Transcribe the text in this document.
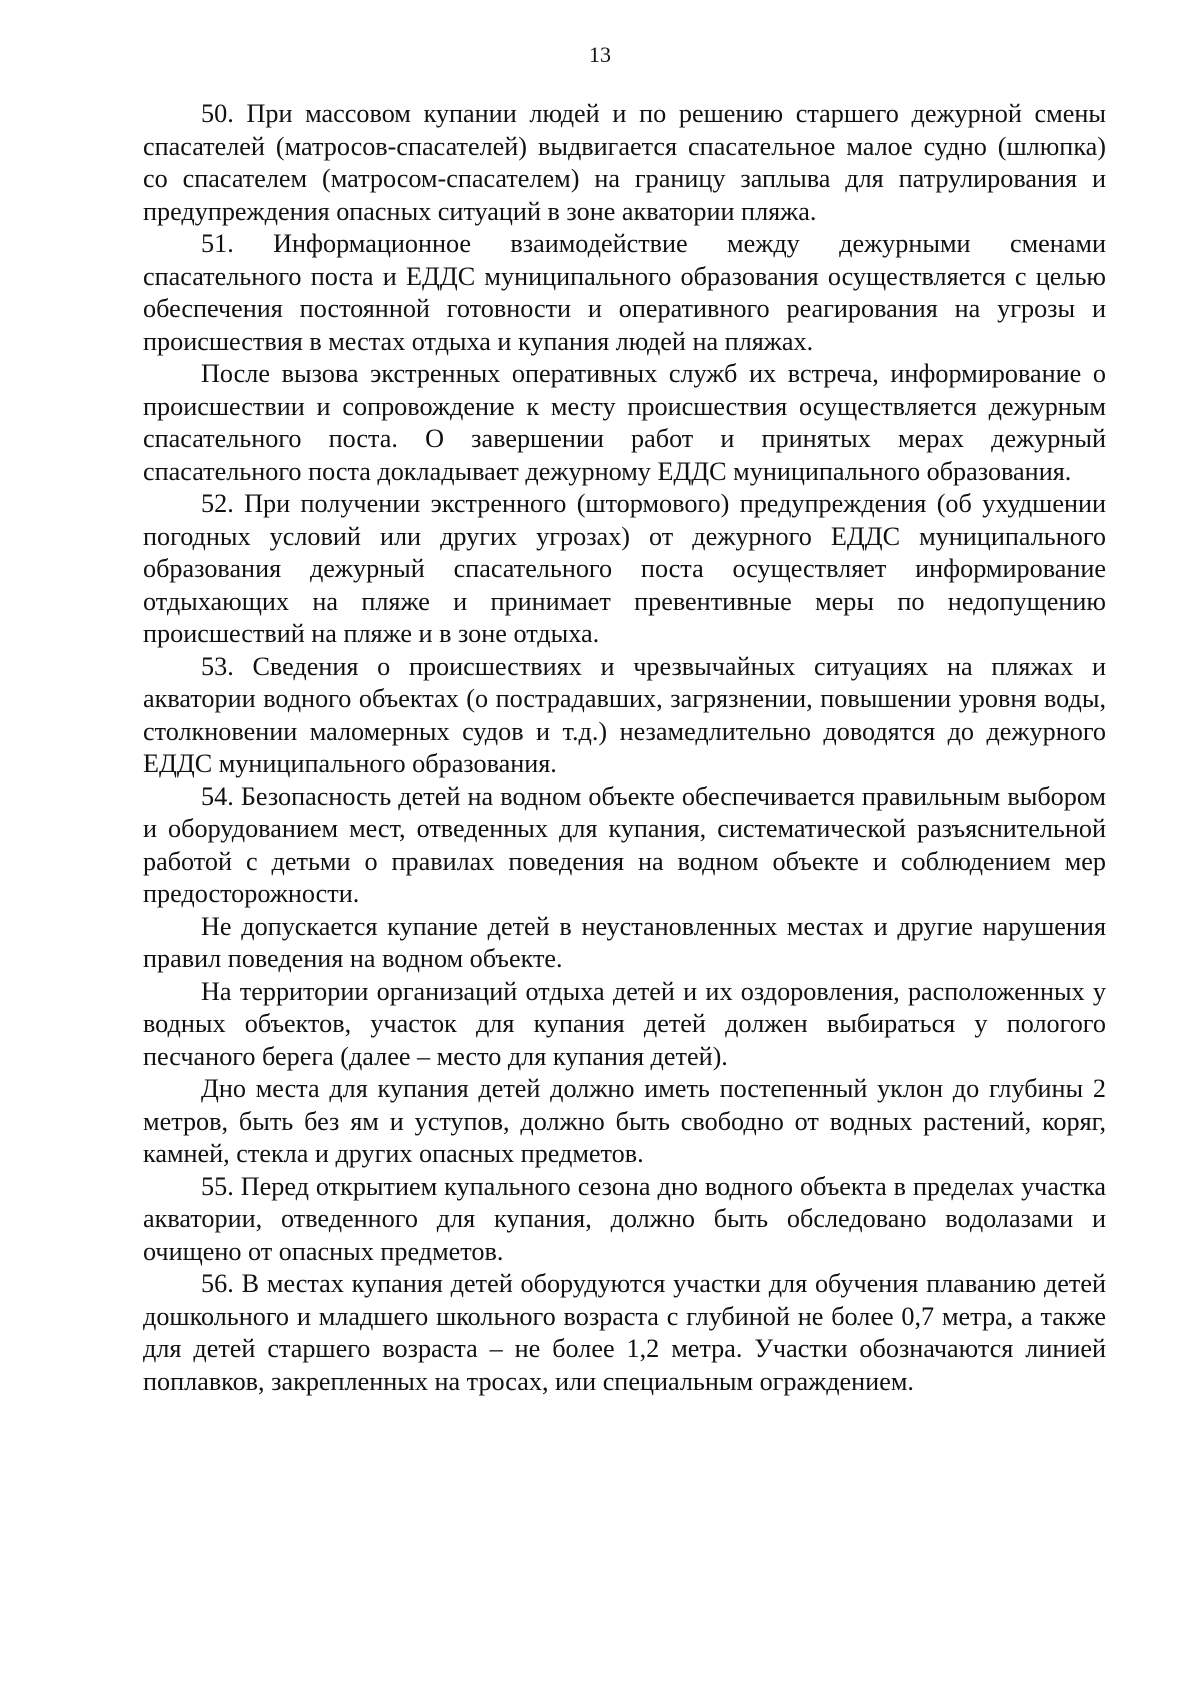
13

50. При массовом купании людей и по решению старшего дежурной смены спасателей (матросов-спасателей) выдвигается спасательное малое судно (шлюпка) со спасателем (матросом-спасателем) на границу заплыва для патрулирования и предупреждения опасных ситуаций в зоне акватории пляжа.

51. Информационное взаимодействие между дежурными сменами спасательного поста и ЕДДС муниципального образования осуществляется с целью обеспечения постоянной готовности и оперативного реагирования на угрозы и происшествия в местах отдыха и купания людей на пляжах.

После вызова экстренных оперативных служб их встреча, информирование о происшествии и сопровождение к месту происшествия осуществляется дежурным спасательного поста. О завершении работ и принятых мерах дежурный спасательного поста докладывает дежурному ЕДДС муниципального образования.

52. При получении экстренного (штормового) предупреждения (об ухудшении погодных условий или других угрозах) от дежурного ЕДДС муниципального образования дежурный спасательного поста осуществляет информирование отдыхающих на пляже и принимает превентивные меры по недопущению происшествий на пляже и в зоне отдыха.

53. Сведения о происшествиях и чрезвычайных ситуациях на пляжах и акватории водного объектах (о пострадавших, загрязнении, повышении уровня воды, столкновении маломерных судов и т.д.) незамедлительно доводятся до дежурного ЕДДС муниципального образования.

54. Безопасность детей на водном объекте обеспечивается правильным выбором и оборудованием мест, отведенных для купания, систематической разъяснительной работой с детьми о правилах поведения на водном объекте и соблюдением мер предосторожности.

Не допускается купание детей в неустановленных местах и другие нарушения правил поведения на водном объекте.

На территории организаций отдыха детей и их оздоровления, расположенных у водных объектов, участок для купания детей должен выбираться у пологого песчаного берега (далее – место для купания детей).

Дно места для купания детей должно иметь постепенный уклон до глубины 2 метров, быть без ям и уступов, должно быть свободно от водных растений, коряг, камней, стекла и других опасных предметов.

55. Перед открытием купального сезона дно водного объекта в пределах участка акватории, отведенного для купания, должно быть обследовано водолазами и очищено от опасных предметов.

56. В местах купания детей оборудуются участки для обучения плаванию детей дошкольного и младшего школьного возраста с глубиной не более 0,7 метра, а также для детей старшего возраста – не более 1,2 метра. Участки обозначаются линией поплавков, закрепленных на тросах, или специальным ограждением.
